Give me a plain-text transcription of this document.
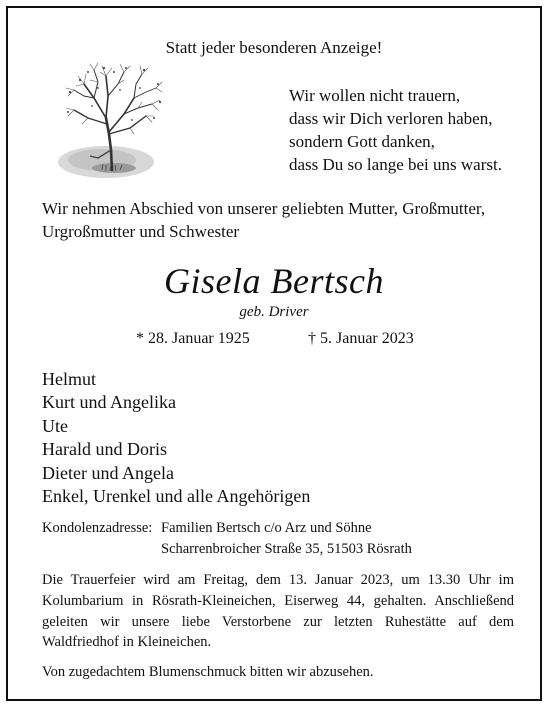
Statt jeder besonderen Anzeige!
Wir wollen nicht trauern,
dass wir Dich verloren haben,
sondern Gott danken,
dass Du so lange bei uns warst.
Wir nehmen Abschied von unserer geliebten Mutter, Großmutter,
Urgroßmutter und Schwester
Gisela Bertsch
geb. Driver
* 28. Januar 1925	† 5. Januar 2023
Helmut
Kurt und Angelika
Ute
Harald und Doris
Dieter und Angela
Enkel, Urenkel und alle Angehörigen
Kondolenzadresse: Familien Bertsch c/o Arz und Söhne
Scharrenbroicher Straße 35, 51503 Rösrath
Die Trauerfeier wird am Freitag, dem 13. Januar 2023, um 13.30 Uhr im Kolumbarium in Rösrath-Kleineichen, Eiserweg 44, gehalten. Anschließend geleiten wir unsere liebe Verstorbene zur letzten Ruhestätte auf dem Waldfriedhof in Kleineichen.
Von zugedachtem Blumenschmuck bitten wir abzusehen.
